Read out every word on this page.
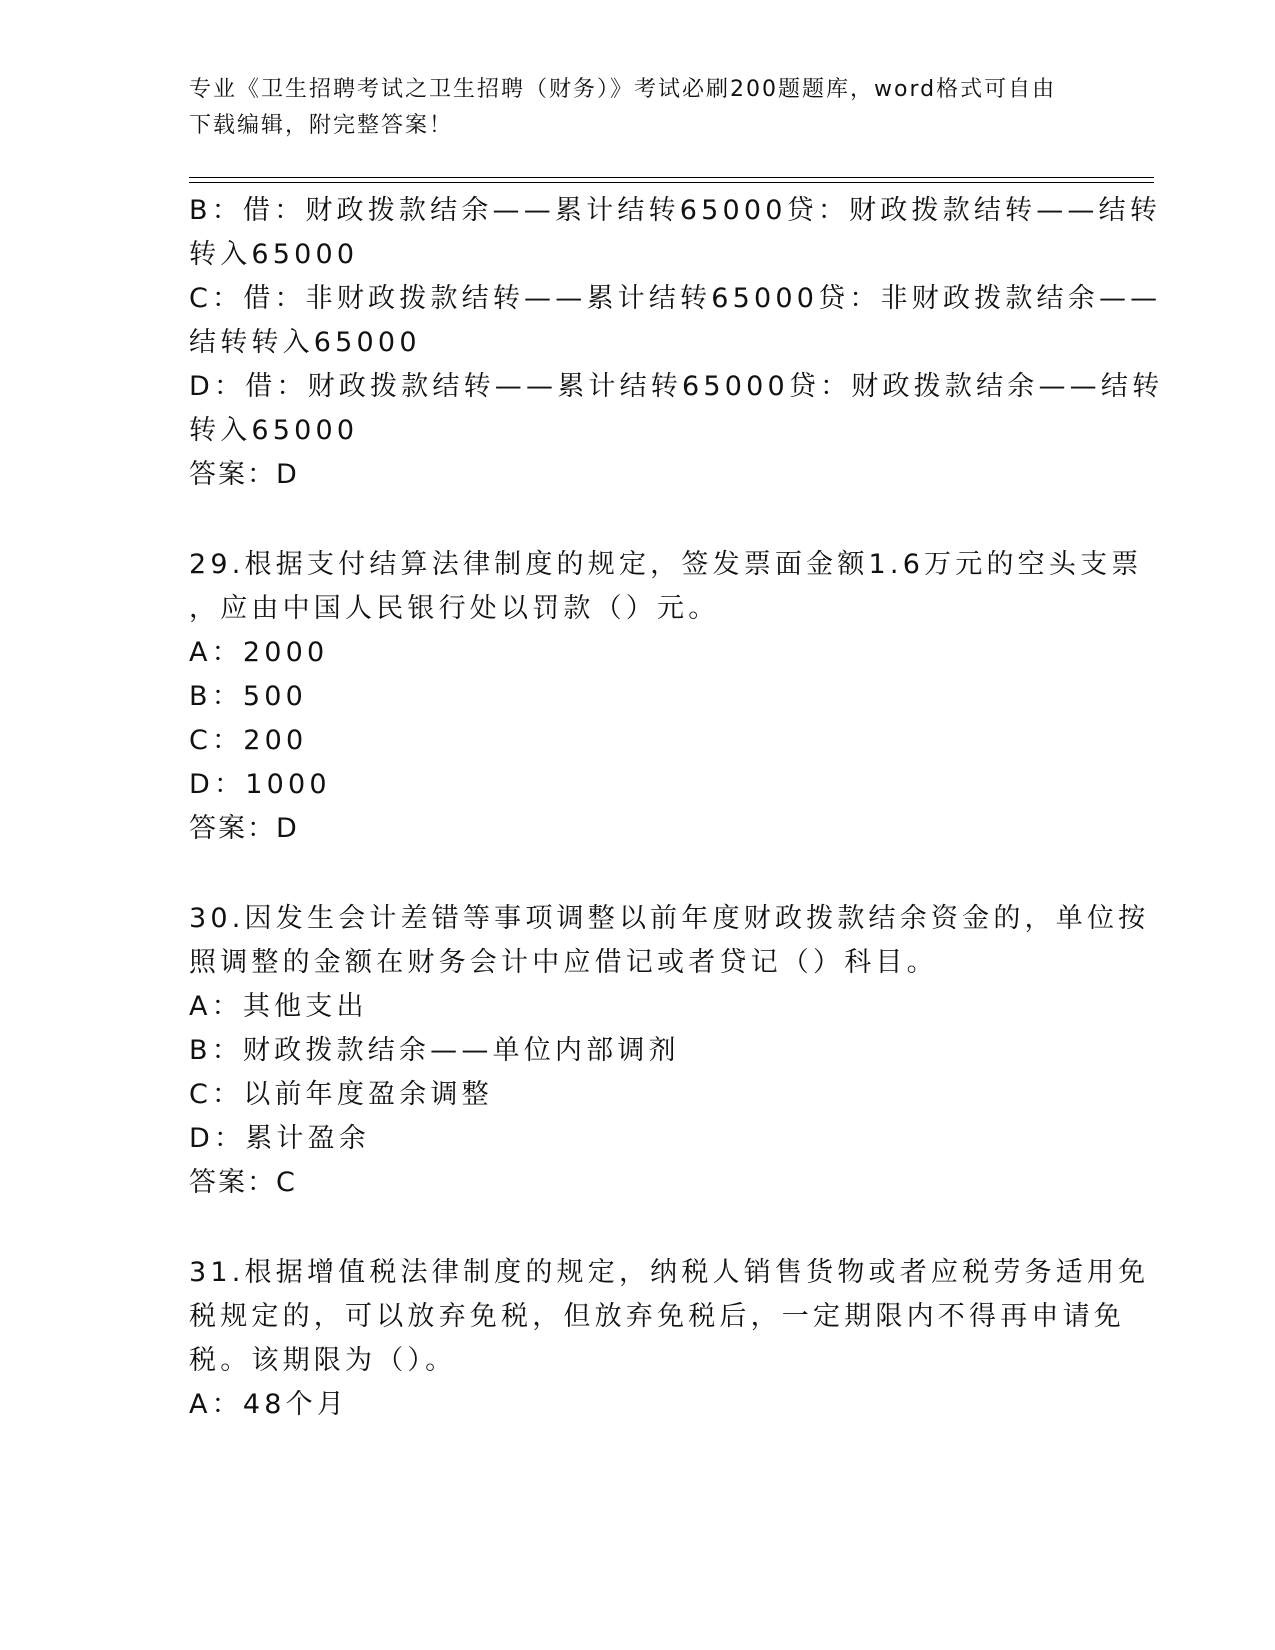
专业《卫生招聘考试之卫生招聘（财务）》考试必刷200题题库，word格式可自由下载编辑，附完整答案！
B：借：财政拨款结余——累计结转65000贷：财政拨款结转——结转
转入65000
C：借：非财政拨款结转——累计结转65000贷：非财政拨款结余——
结转转入65000
D：借：财政拨款结转——累计结转65000贷：财政拨款结余——结转
转入65000
答案：D
29.根据支付结算法律制度的规定，签发票面金额1.6万元的空头支票
，应由中国人民银行处以罚款（）元。
A：2000
B：500
C：200
D：1000
答案：D
30.因发生会计差错等事项调整以前年度财政拨款结余资金的，单位按
照调整的金额在财务会计中应借记或者贷记（）科目。
A：其他支出
B：财政拨款结余——单位内部调剂
C：以前年度盈余调整
D：累计盈余
答案：C
31.根据增值税法律制度的规定，纳税人销售货物或者应税劳务适用免
税规定的，可以放弃免税，但放弃免税后，一定期限内不得再申请免
税。该期限为（）。
A：48个月
